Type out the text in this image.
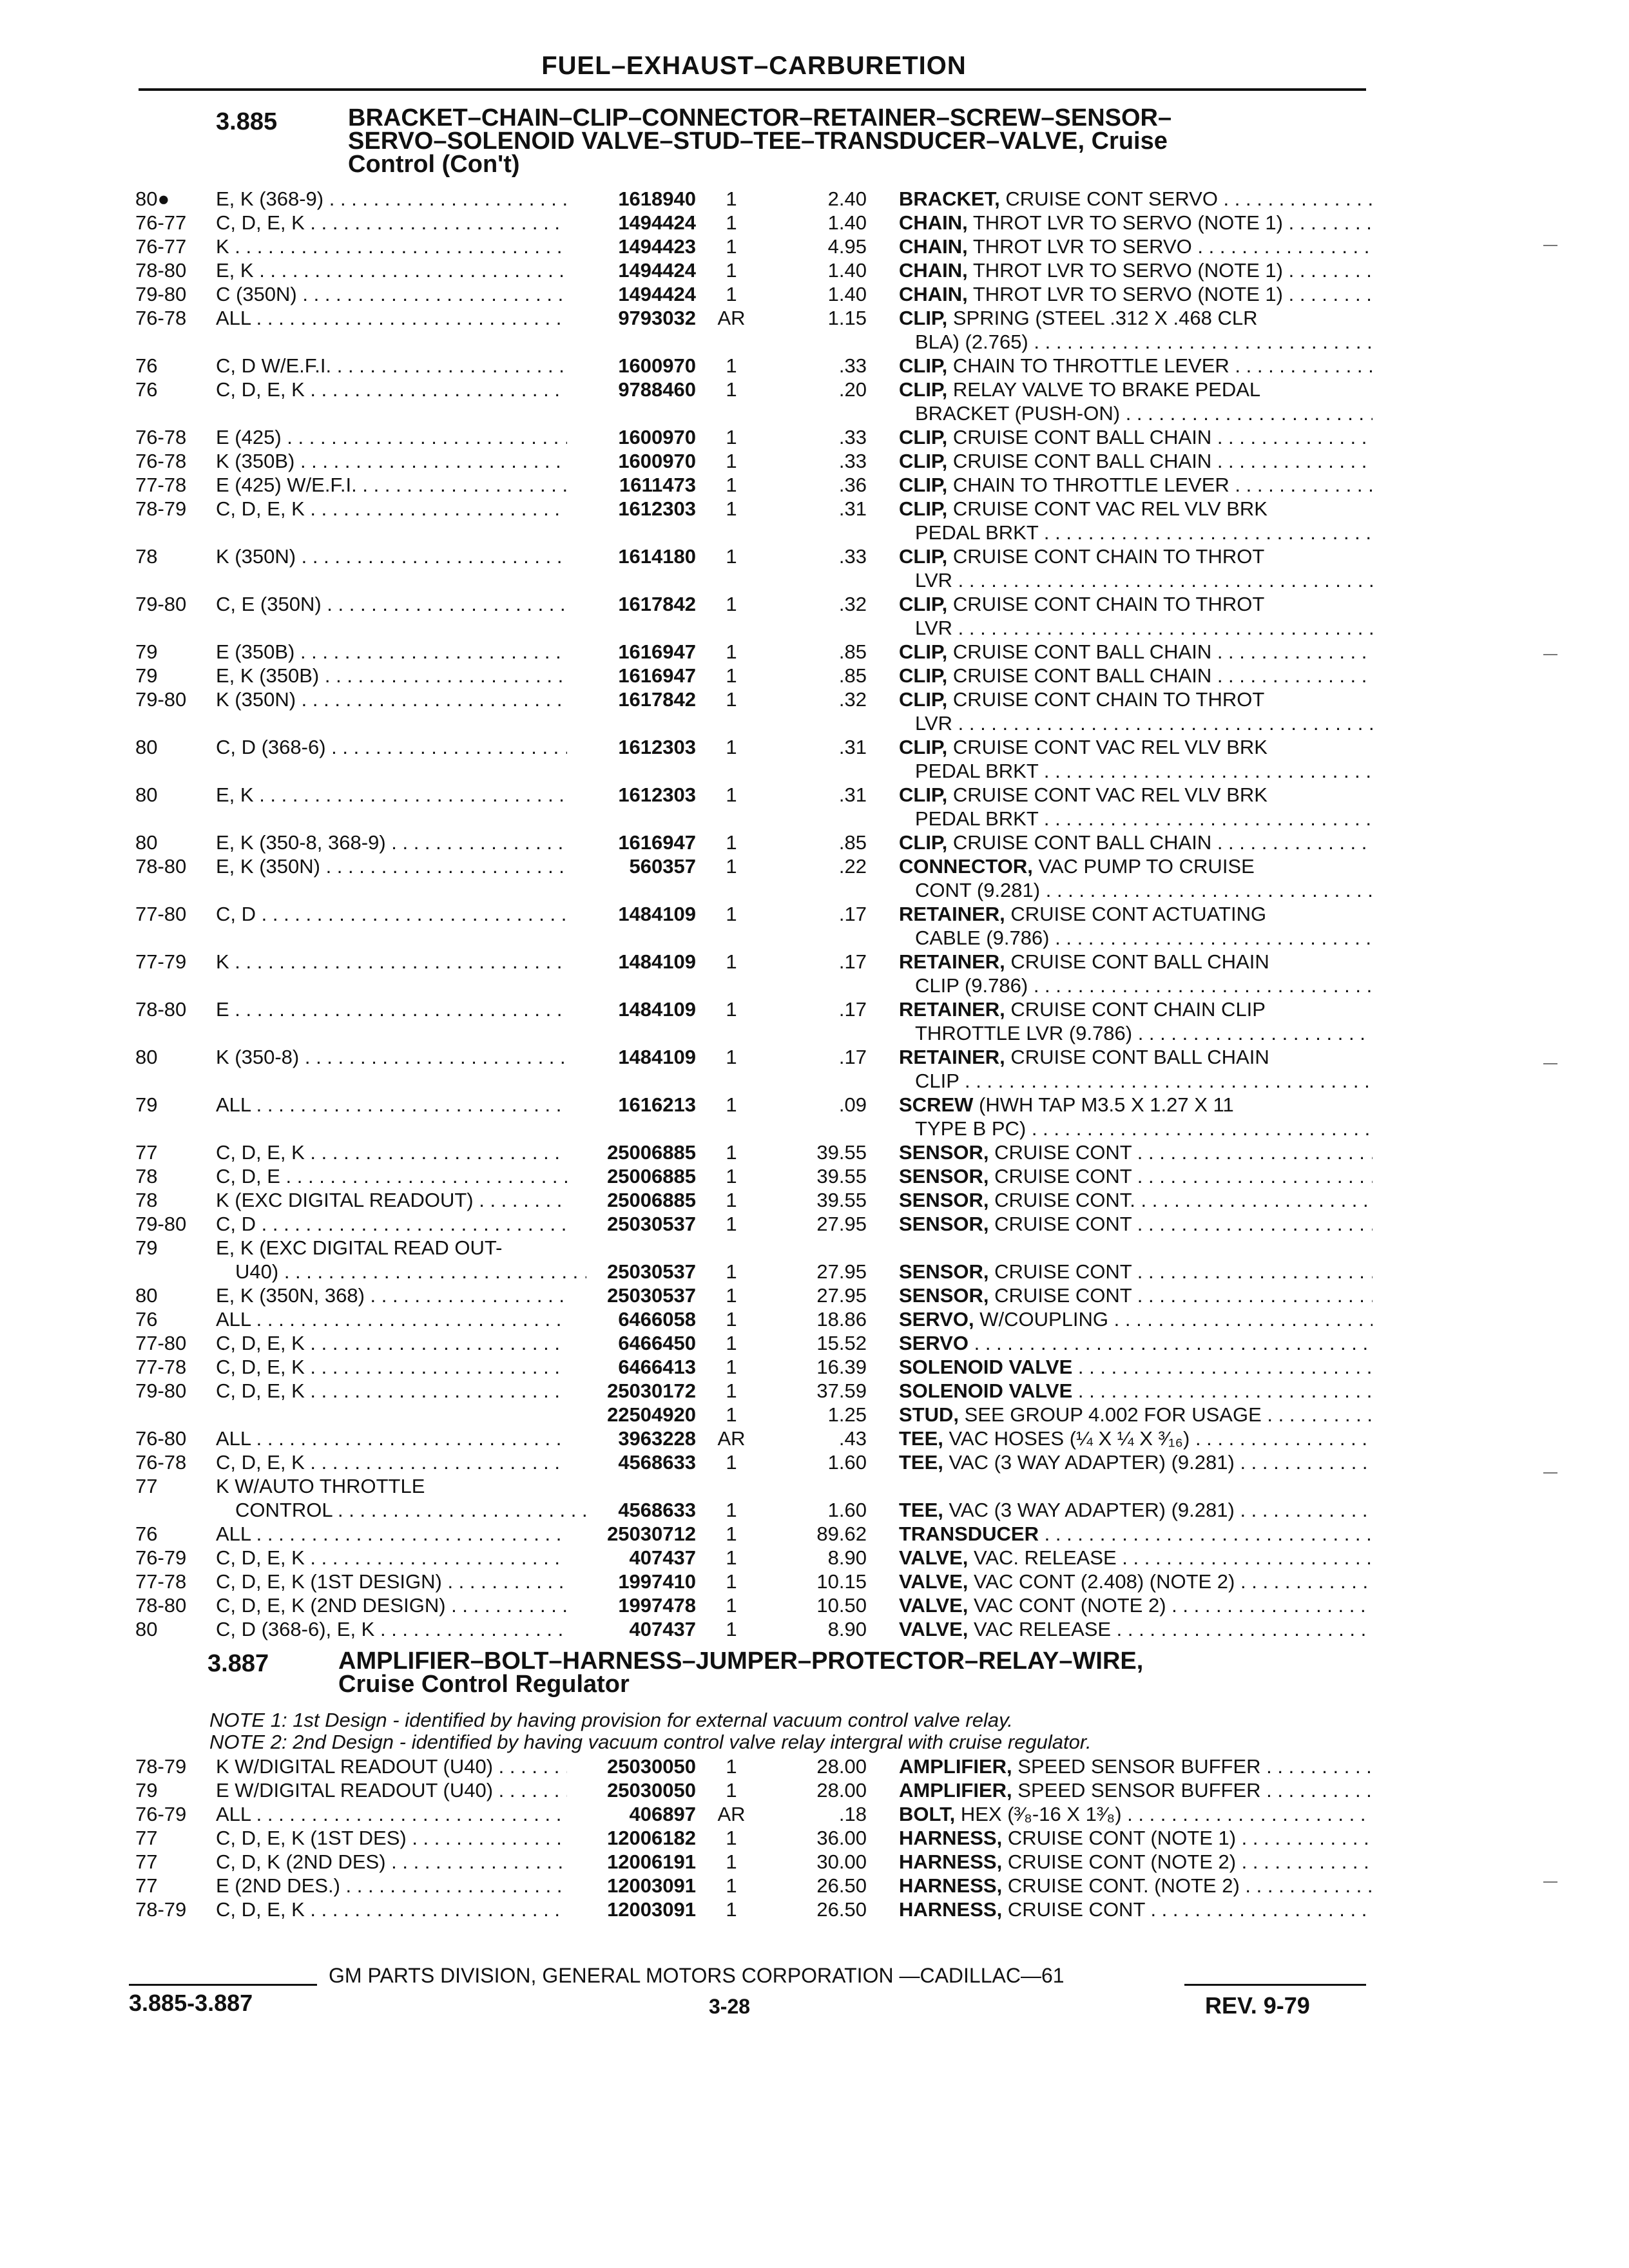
FUEL–EXHAUST–CARBURETION
3.885	BRACKET–CHAIN–CLIP–CONNECTOR–RETAINER–SCREW–SENSOR–
SERVO–SOLENOID VALVE–STUD–TEE–TRANSDUCER–VALVE, Cruise
Control (Con't)
80● E, K (368-9) . . .	1618940	1	2.40 BRACKET, CRUISE CONT SERVO . . .
76-77 C, D, E, K . . .	1494424	1	1.40 CHAIN, THROT LVR TO SERVO (NOTE 1) . . .
76-77 K . . .	1494423	1	4.95 CHAIN, THROT LVR TO SERVO . . .
78-80 E, K . . .	1494424	1	1.40 CHAIN, THROT LVR TO SERVO (NOTE 1) . . .
79-80 C (350N) . . .	1494424	1	1.40 CHAIN, THROT LVR TO SERVO (NOTE 1) . . .
76-78 ALL . . .	9793032	AR	1.15 CLIP, SPRING (STEEL .312 X .468 CLR
BLA) (2.765) . . .
76	C, D W/E.F.I. . . .	1600970	1	.33 CLIP, CHAIN TO THROTTLE LEVER . . .
76	C, D, E, K . . .	9788460	1	.20 CLIP, RELAY VALVE TO BRAKE PEDAL
BRACKET (PUSH-ON) . . .
76-78 E (425) . . .	1600970	1	.33 CLIP, CRUISE CONT BALL CHAIN . . .
76-78 K (350B) . . .	1600970	1	.33 CLIP, CRUISE CONT BALL CHAIN . . .
77-78 E (425) W/E.F.I. . . .	1611473	1	.36 CLIP, CHAIN TO THROTTLE LEVER . . .
78-79 C, D, E, K . . .	1612303	1	.31 CLIP, CRUISE CONT VAC REL VLV BRK
PEDAL BRKT . . .
78	K (350N) . . .	1614180	1	.33 CLIP, CRUISE CONT CHAIN TO THROT
LVR . . .
79-80 C, E (350N) . . .	1617842	1	.32 CLIP, CRUISE CONT CHAIN TO THROT
LVR . . .
79	E (350B) . . .	1616947	1	.85 CLIP, CRUISE CONT BALL CHAIN . . .
79	E, K (350B) . . .	1616947	1	.85 CLIP, CRUISE CONT BALL CHAIN . . .
79-80 K (350N) . . .	1617842	1	.32 CLIP, CRUISE CONT CHAIN TO THROT
LVR . . .
80	C, D (368-6) . . .	1612303	1	.31 CLIP, CRUISE CONT VAC REL VLV BRK
PEDAL BRKT . . .
80	E, K . . .	1612303	1	.31 CLIP, CRUISE CONT VAC REL VLV BRK
PEDAL BRKT . . .
80	E, K (350-8, 368-9) . . .	1616947	1	.85 CLIP, CRUISE CONT BALL CHAIN . . .
78-80 E, K (350N) . . .	560357	1	.22 CONNECTOR, VAC PUMP TO CRUISE
CONT (9.281) . . .
77-80 C, D . . .	1484109	1	.17 RETAINER, CRUISE CONT ACTUATING
CABLE (9.786) . . .
77-79 K . . .	1484109	1	.17 RETAINER, CRUISE CONT BALL CHAIN
CLIP (9.786) . . .
78-80 E . . .	1484109	1	.17 RETAINER, CRUISE CONT CHAIN CLIP
THROTTLE LVR (9.786) . . .
80	K (350-8) . . .	1484109	1	.17 RETAINER, CRUISE CONT BALL CHAIN
CLIP . . .
79	ALL . . .	1616213	1	.09 SCREW (HWH TAP M3.5 X 1.27 X 11
TYPE B PC) . . .
77	C, D, E, K . . .	25006885	1	39.55 SENSOR, CRUISE CONT . . .
78	C, D, E . . .	25006885	1	39.55 SENSOR, CRUISE CONT . . .
78	K (EXC DIGITAL READOUT) . . .	25006885	1	39.55 SENSOR, CRUISE CONT. . . .
79-80 C, D . . .	25030537	1	27.95 SENSOR, CRUISE CONT . . .
79	E, K (EXC DIGITAL READ OUT-
U40) . . .	25030537	1	27.95 SENSOR, CRUISE CONT . . .
80	E, K (350N, 368) . . .	25030537	1	27.95 SENSOR, CRUISE CONT . . .
76	ALL . . .	6466058	1	18.86 SERVO, W/COUPLING . . .
77-80 C, D, E, K . . .	6466450	1	15.52 SERVO . . .
77-78 C, D, E, K . . .	6466413	1	16.39 SOLENOID VALVE . . .
79-80 C, D, E, K . . .	25030172	1	37.59 SOLENOID VALVE . . .
22504920	1	1.25 STUD, SEE GROUP 4.002 FOR USAGE . . .
76-80 ALL . . .	3963228	AR	.43 TEE, VAC HOSES (¼ X ¼ X ³⁄₁₆) . . .
76-78 C, D, E, K . . .	4568633	1	1.60 TEE, VAC (3 WAY ADAPTER) (9.281) . . .
77	K W/AUTO THROTTLE
CONTROL . . .	4568633	1	1.60 TEE, VAC (3 WAY ADAPTER) (9.281) . . .
76	ALL . . .	25030712	1	89.62 TRANSDUCER . . .
76-79 C, D, E, K . . .	407437	1	8.90 VALVE, VAC. RELEASE . . .
77-78 C, D, E, K (1ST DESIGN) . . .	1997410	1	10.15 VALVE, VAC CONT (2.408) (NOTE 2) . . .
78-80 C, D, E, K (2ND DESIGN) . . .	1997478	1	10.50 VALVE, VAC CONT (NOTE 2) . . .
80	C, D (368-6), E, K . . .	407437	1	8.90 VALVE, VAC RELEASE . . .
3.887	AMPLIFIER–BOLT–HARNESS–JUMPER–PROTECTOR–RELAY–WIRE,
Cruise Control Regulator
NOTE 1: 1st Design - identified by having provision for external vacuum control valve relay.
NOTE 2: 2nd Design - identified by having vacuum control valve relay intergral with cruise regulator.
78-79 K W/DIGITAL READOUT (U40) . . .	25030050	1	28.00 AMPLIFIER, SPEED SENSOR BUFFER . . .
79	E W/DIGITAL READOUT (U40) . . . .	25030050	1	28.00 AMPLIFIER, SPEED SENSOR BUFFER . . .
76-79 ALL . . .	406897	AR	.18 BOLT, HEX (³⁄₈-16 X 1³⁄₈) . . .
77	C, D, E, K (1ST DES) . . .	12006182	1	36.00 HARNESS, CRUISE CONT (NOTE 1) . . .
77	C, D, K (2ND DES) . . .	12006191	1	30.00 HARNESS, CRUISE CONT (NOTE 2) . . .
77	E (2ND DES.) . . .	12003091	1	26.50 HARNESS, CRUISE CONT. (NOTE 2) . . .
78-79 C, D, E, K . . .	12003091	1	26.50 HARNESS, CRUISE CONT . . .
GM PARTS DIVISION, GENERAL MOTORS CORPORATION —CADILLAC—61
3.885-3.887	3-28	REV. 9-79
